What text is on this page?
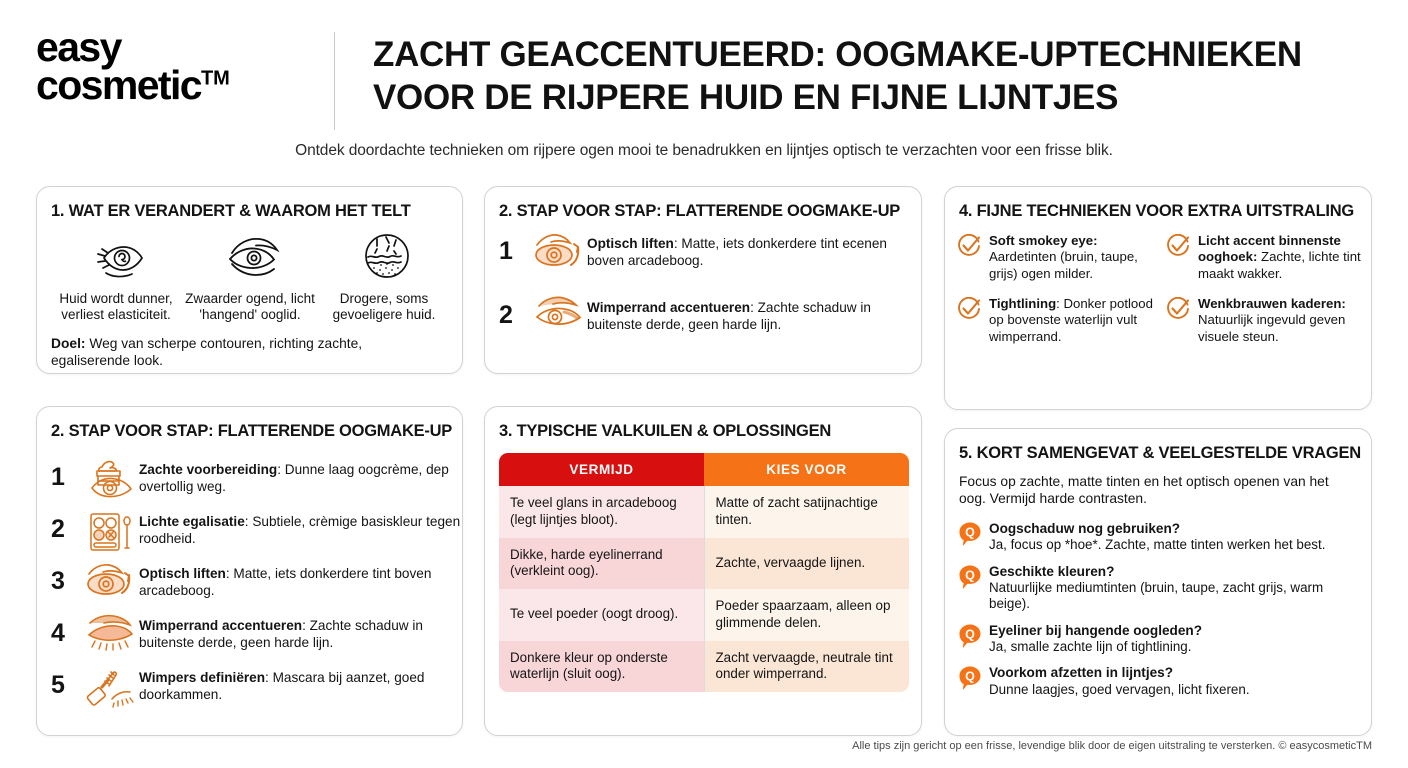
easy
cosmetic™
ZACHT GEACCENTUEERD: OOGMAKE-UPTECHNIEKEN VOOR DE RIJPERE HUID EN FIJNE LIJNTJES
Ontdek doordachte technieken om rijpere ogen mooi te benadrukken en lijntjes optisch te verzachten voor een frisse blik.
1. WAT ER VERANDERT & WAAROM HET TELT
Huid wordt dunner, verliest elasticiteit.
Zwaarder ogend, licht 'hangend' ooglid.
Drogere, soms gevoeligere huid.
Doel: Weg van scherpe contouren, richting zachte, egaliserende look.
2. STAP VOOR STAP: FLATTERENDE OOGMAKE-UP
1	Optisch liften: Matte, iets donkerdere tint ecenen boven arcadeboog.
2	Wimperrand accentueren: Zachte schaduw in buitenste derde, geen harde lijn.
4. FIJNE TECHNIEKEN VOOR EXTRA UITSTRALING
Soft smokey eye: Aardetinten (bruin, taupe, grijs) ogen milder.
Licht accent binnenste ooghoek: Zachte, lichte tint maakt wakker.
Tightlining: Donker potlood op bovenste waterlijn vult wimperrand.
Wenkbrauwen kaderen: Natuurlijk ingevuld geven visuele steun.
2. STAP VOOR STAP: FLATTERENDE OOGMAKE-UP
1	Zachte voorbereiding: Dunne laag oogcrème, dep overtollig weg.
2	Lichte egalisatie: Subtiele, crèmige basiskleur tegen roodheid.
3	Optisch liften: Matte, iets donkerdere tint boven arcadeboog.
4	Wimperrand accentueren: Zachte schaduw in buitenste derde, geen harde lijn.
5	Wimpers definiëren: Mascara bij aanzet, goed doorkammen.
3. TYPISCHE VALKUILEN & OPLOSSINGEN
VERMIJD	KIES VOOR
Te veel glans in arcadeboog (legt lijntjes bloot).	Matte of zacht satijnachtige tinten.
Dikke, harde eyelinerrand (verkleint oog).	Zachte, vervaagde lijnen.
Te veel poeder (oogt droog).	Poeder spaarzaam, alleen op glimmende delen.
Donkere kleur op onderste waterlijn (sluit oog).	Zacht vervaagde, neutrale tint onder wimperrand.
5. KORT SAMENGEVAT & VEELGESTELDE VRAGEN
Focus op zachte, matte tinten en het optisch openen van het oog. Vermijd harde contrasten.
Q Oogschaduw nog gebruiken?
Ja, focus op *hoe*. Zachte, matte tinten werken het best.
Q Geschikte kleuren?
Natuurlijke mediumtinten (bruin, taupe, zacht grijs, warm beige).
Q Eyeliner bij hangende oogleden?
Ja, smalle zachte lijn of tightlining.
Q Voorkom afzetten in lijntjes?
Dunne laagjes, goed vervagen, licht fixeren.
Alle tips zijn gericht op een frisse, levendige blik door de eigen uitstraling te versterken. © easycosmeticTM
